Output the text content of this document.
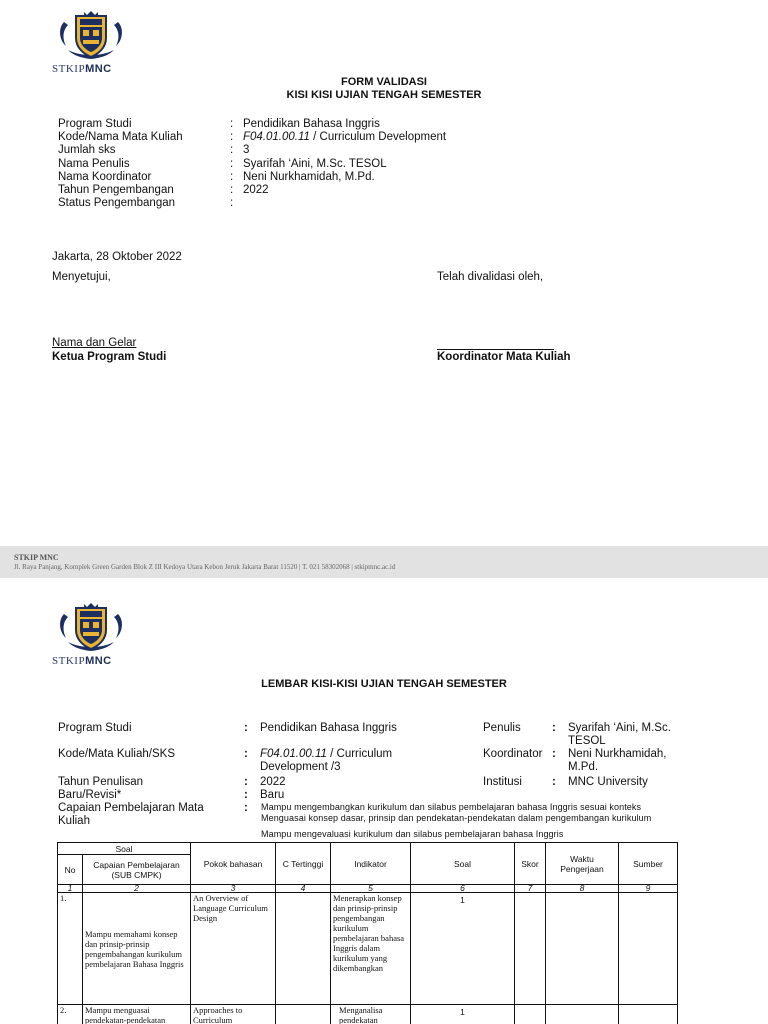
STKIPMNC
FORM VALIDASI
KISI KISI UJIAN TENGAH SEMESTER
Program Studi	: Pendidikan Bahasa Inggris
Kode/Nama Mata Kuliah	: F04.01.00.11 / Curriculum Development
Jumlah sks	: 3
Nama Penulis	: Syarifah ‘Aini, M.Sc. TESOL
Nama Koordinator	: Neni Nurkhamidah, M.Pd.
Tahun Pengembangan	: 2022
Status Pengembangan	:
Jakarta, 28 Oktober 2022
Menyetujui,	Telah divalidasi oleh,
Nama dan Gelar
Ketua Program Studi	Koordinator Mata Kuliah
STKIP MNC
Jl. Raya Panjang, Komplek Green Garden Blok Z III Kedoya Utara Kebon Jeruk Jakarta Barat 11520 | T. 021 58302068 | stkipmnc.ac.id
STKIPMNC
LEMBAR KISI-KISI UJIAN TENGAH SEMESTER
Program Studi	: Pendidikan Bahasa Inggris
Kode/Mata Kuliah/SKS	: F04.01.00.11 / Curriculum
Development /3
Tahun Penulisan	: 2022
Baru/Revisi*	: Baru
Capaian Pembelajaran Mata
Kuliah
: Mampu mengembangkan kurikulum dan silabus pembelajaran bahasa Inggris sesuai konteks
Menguasai konsep dasar, prinsip dan pendekatan-pendekatan dalam pengembangan kurikulum
Mampu mengevaluasi kurikulum dan silabus pembelajaran bahasa Inggris
Penulis	: Syarifah ‘Aini, M.Sc.
TESOL
Koordinator : Neni Nurkhamidah,
M.Pd.
Institusi	: MNC University
Soal		Pokok bahasan	C Tertinggi	Indikator	Soal	Skor	Waktu Pengerjaan	Sumber
No	Capaian Pembelajaran (SUB CMPK)							
1	2	3	4	5	6	7	8	9
1.	Mampu memahami konsep dan prinsip-prinsip pengembahangan kurikulum pembelajaran Bahasa Inggris	An Overview of Language Curriculum Design		Menerapkan konsep dan prinsip-prinsip pengembangan kurikulum pembelajaran bahasa Inggris dalam kurikulum yang dikembangkan	1			
2.	Mampu menguasai pendekatan-pendekatan	Approaches to Curriculum		Menganalisa pendekatan	1			
